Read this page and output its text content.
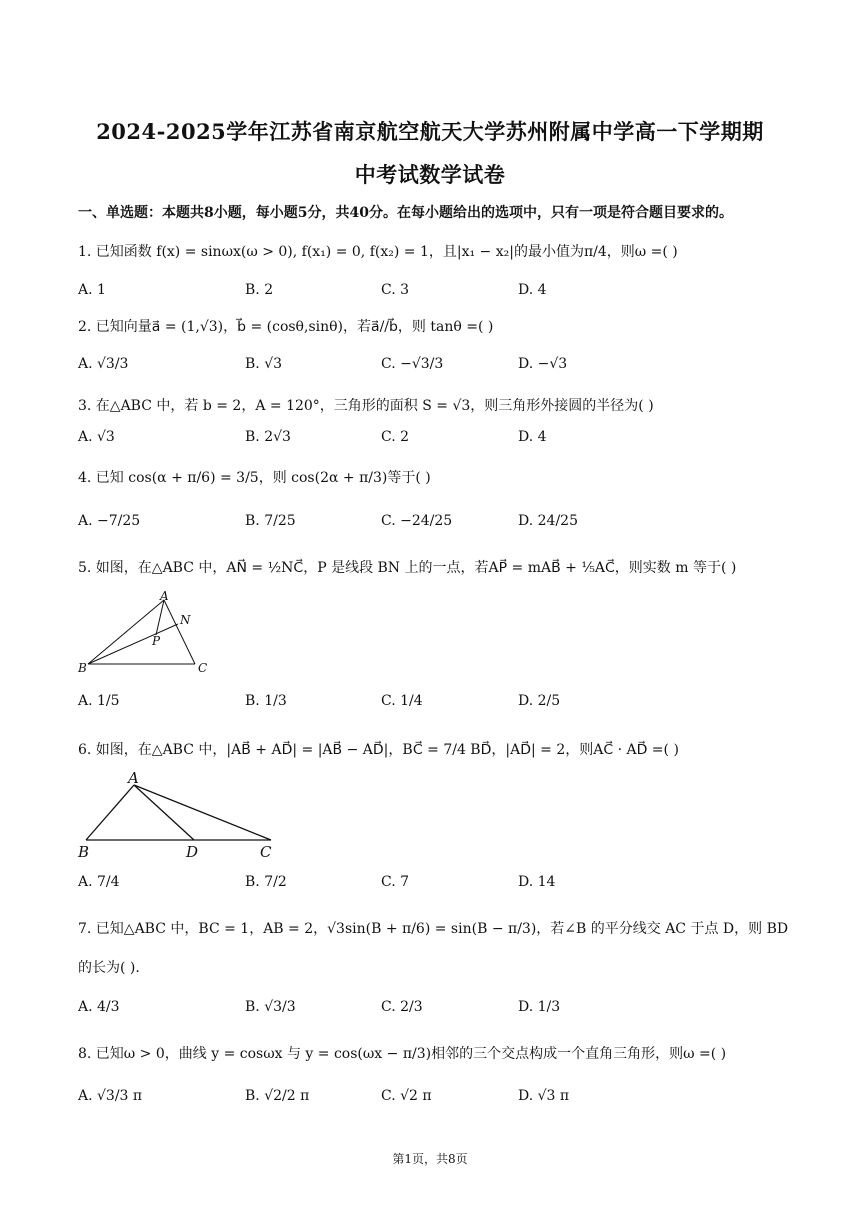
2024-2025学年江苏省南京航空航天大学苏州附属中学高一下学期期
中考试数学试卷
一、单选题：本题共8小题，每小题5分，共40分。在每小题给出的选项中，只有一项是符合题目要求的。
1. 已知函数 f(x) = sinωx(ω > 0), f(x₁) = 0, f(x₂) = 1，且|x₁ − x₂|的最小值为π/4，则ω =( )
A. 1	B. 2	C. 3	D. 4
2. 已知向量a⃗ = (1,√3)，b⃗ = (cosθ,sinθ)，若a⃗//b⃗，则 tanθ =( )
A. √3/3	B. √3	C. −√3/3	D. −√3
3. 在△ABC 中，若 b = 2，A = 120°，三角形的面积 S = √3，则三角形外接圆的半径为( )
A. √3	B. 2√3	C. 2	D. 4
4. 已知 cos(α + π/6) = 3/5，则 cos(2α + π/3)等于( )
A. −7/25	B. 7/25	C. −24/25	D. 24/25
5. 如图，在△ABC 中，AN⃗ = ½NC⃗，P 是线段 BN 上的一点，若AP⃗ = mAB⃗ + ⅕AC⃗，则实数 m 等于( )
A
N
P
B	C
A. 1/5	B. 1/3	C. 1/4	D. 2/5
6. 如图，在△ABC 中，|AB⃗ + AD⃗| = |AB⃗ − AD⃗|，BC⃗ = 7/4 BD⃗，|AD⃗| = 2，则AC⃗ · AD⃗ =( )
A
B	D	C
A. 7/4	B. 7/2	C. 7	D. 14
7. 已知△ABC 中，BC = 1，AB = 2，√3sin(B + π/6) = sin(B − π/3)，若∠B 的平分线交 AC 于点 D，则 BD
的长为( ).
A. 4/3	B. √3/3	C. 2/3	D. 1/3
8. 已知ω > 0，曲线 y = cosωx 与 y = cos(ωx − π/3)相邻的三个交点构成一个直角三角形，则ω =( )
A. √3/3 π	B. √2/2 π	C. √2 π	D. √3 π
第1页，共8页
